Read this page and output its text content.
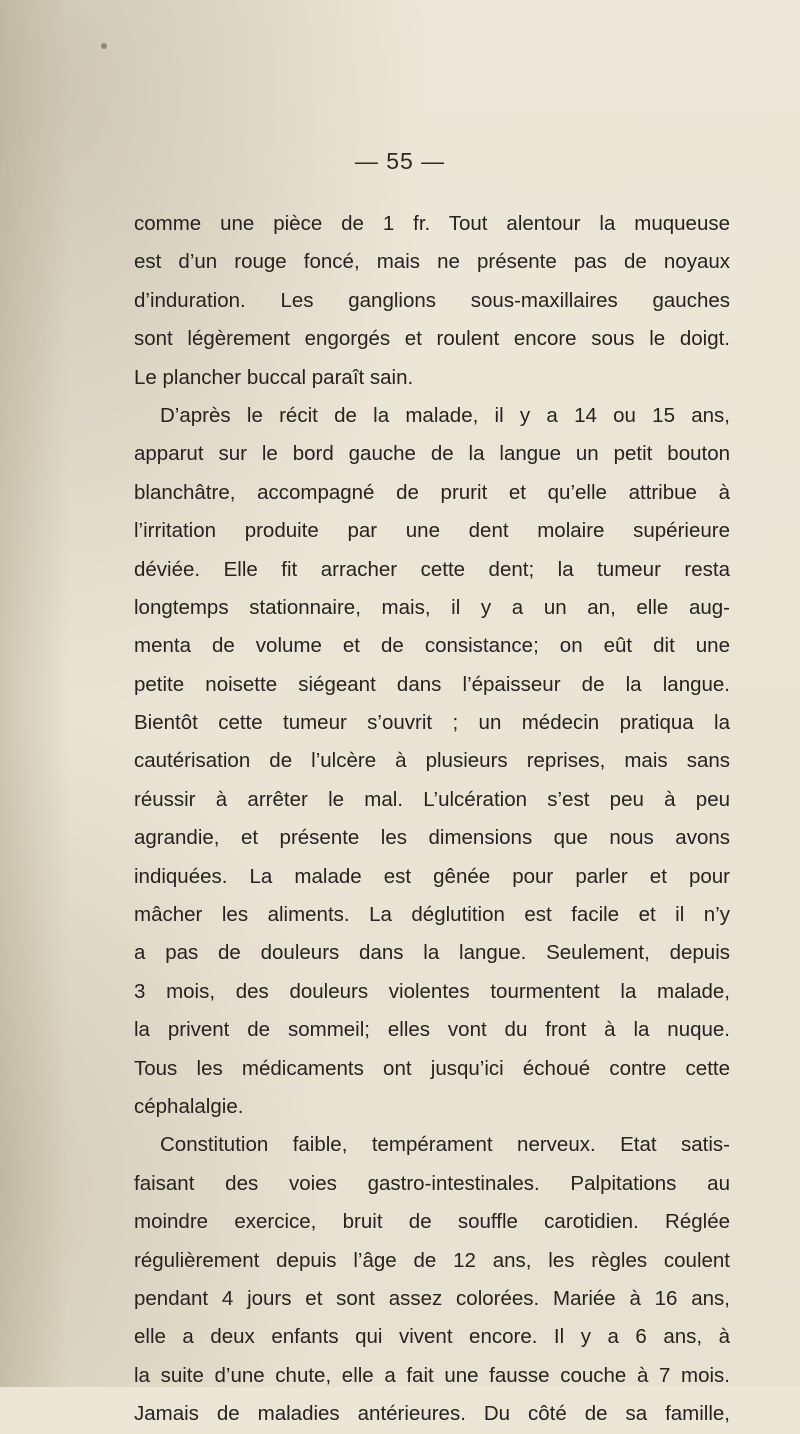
— 55 —
comme une pièce de 1 fr. Tout alentour la muqueuse
est d’un rouge foncé, mais ne présente pas de noyaux
d’induration. Les ganglions sous-maxillaires gauches
sont légèrement engorgés et roulent encore sous le doigt.
Le plancher buccal paraît sain.
D’après le récit de la malade, il y a 14 ou 15 ans,
apparut sur le bord gauche de la langue un petit bouton
blanchâtre, accompagné de prurit et qu’elle attribue à
l’irritation produite par une dent molaire supérieure
déviée. Elle fit arracher cette dent; la tumeur resta
longtemps stationnaire, mais, il y a un an, elle aug-
menta de volume et de consistance; on eût dit une
petite noisette siégeant dans l’épaisseur de la langue.
Bientôt cette tumeur s’ouvrit ; un médecin pratiqua la
cautérisation de l’ulcère à plusieurs reprises, mais sans
réussir à arrêter le mal. L’ulcération s’est peu à peu
agrandie, et présente les dimensions que nous avons
indiquées. La malade est gênée pour parler et pour
mâcher les aliments. La déglutition est facile et il n’y
a pas de douleurs dans la langue. Seulement, depuis
3 mois, des douleurs violentes tourmentent la malade,
la privent de sommeil; elles vont du front à la nuque.
Tous les médicaments ont jusqu’ici échoué contre cette
céphalalgie.
Constitution faible, tempérament nerveux. Etat satis-
faisant des voies gastro-intestinales. Palpitations au
moindre exercice, bruit de souffle carotidien. Réglée
régulièrement depuis l’âge de 12 ans, les règles coulent
pendant 4 jours et sont assez colorées. Mariée à 16 ans,
elle a deux enfants qui vivent encore. Il y a 6 ans, à
la suite d’une chute, elle a fait une fausse couche à 7 mois.
Jamais de maladies antérieures. Du côté de sa famille,
